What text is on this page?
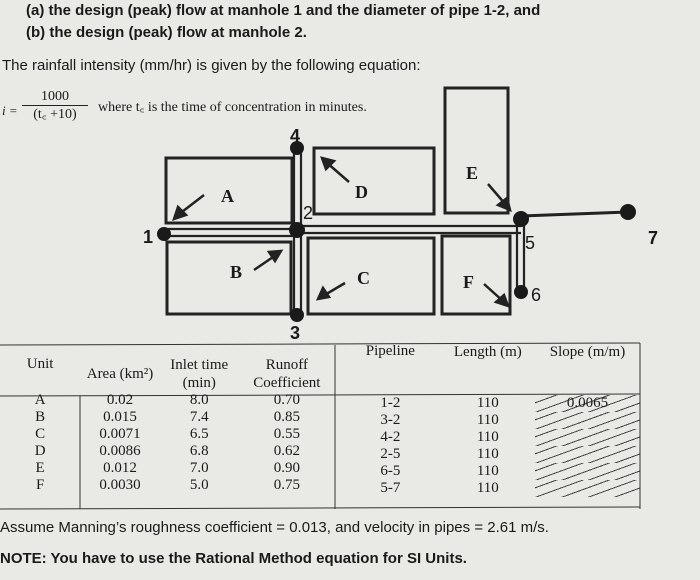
(a) the design (peak) flow at manhole 1 and the diameter of pipe 1-2, and
(b) the design (peak) flow at manhole 2.
The rainfall intensity (mm/hr) is given by the following equation:
$i = \frac{1000}{(t꜀ +10)}$ where t꜀ is the time of concentration in minutes.
A
B	C
D
E
F
1
2
3
4
5
6
7
Unit	Area (km²)	Inlet time (min)	Runoff Coefficient
A	0.02	8.0	0.70
B	0.015	7.4	0.85
C	0.0071	6.5	0.55
D	0.0086	6.8	0.62
E	0.012	7.0	0.90
F	0.0030	5.0	0.75
Pipeline	Length (m)	Slope (m/m)
1-2	110	0.0065
3-2	110	
4-2	110	
2-5	110	
6-5	110	
5-7	110	
Assume Manning’s roughness coefficient = 0.013, and velocity in pipes = 2.61 m/s.
NOTE: You have to use the Rational Method equation for SI Units.
